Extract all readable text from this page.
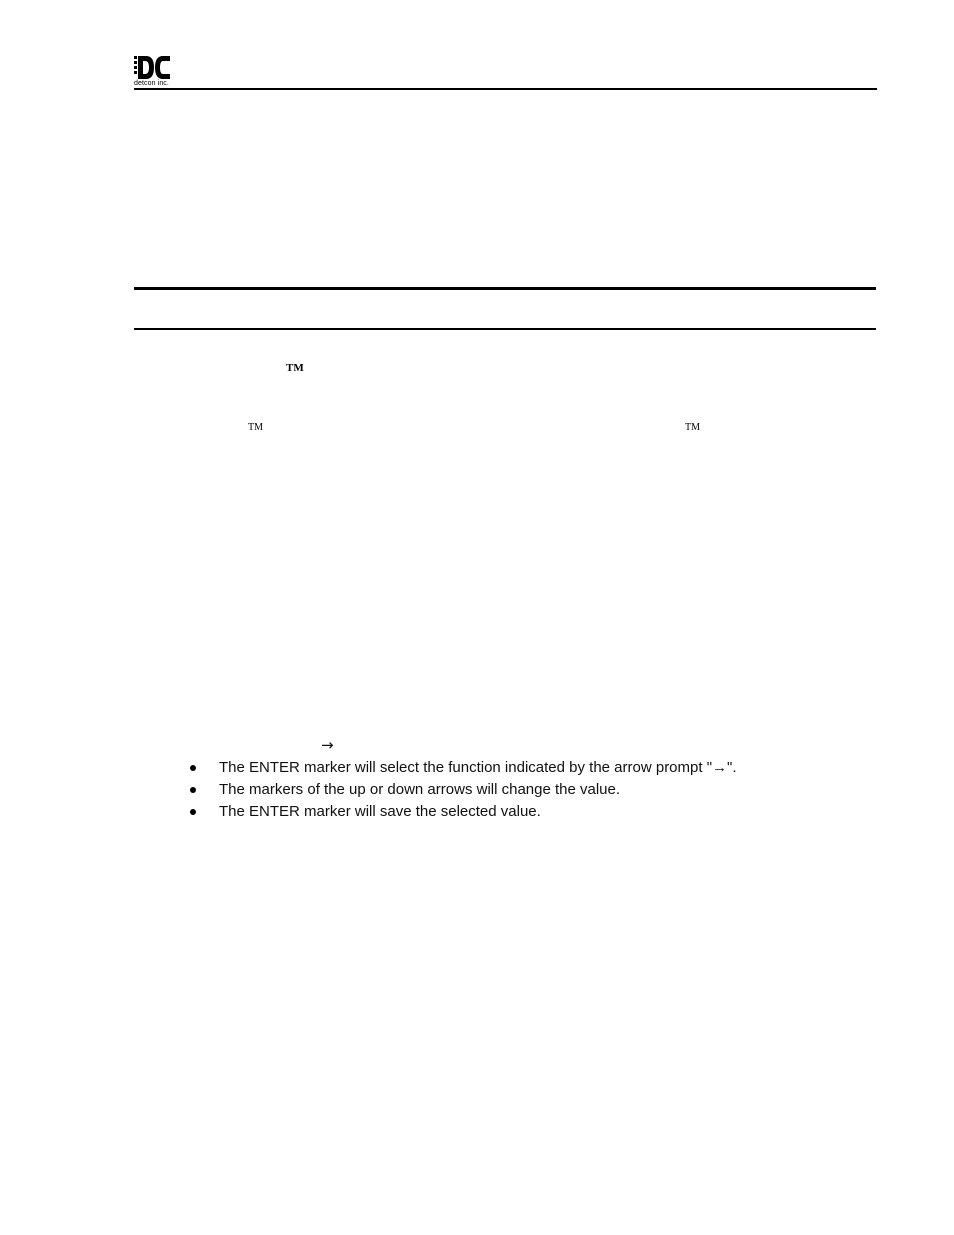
detcon inc.
TM
TM	TM
→
The ENTER marker will select the function indicated by the arrow prompt "→".
The markers of the up or down arrows will change the value.
The ENTER marker will save the selected value.
